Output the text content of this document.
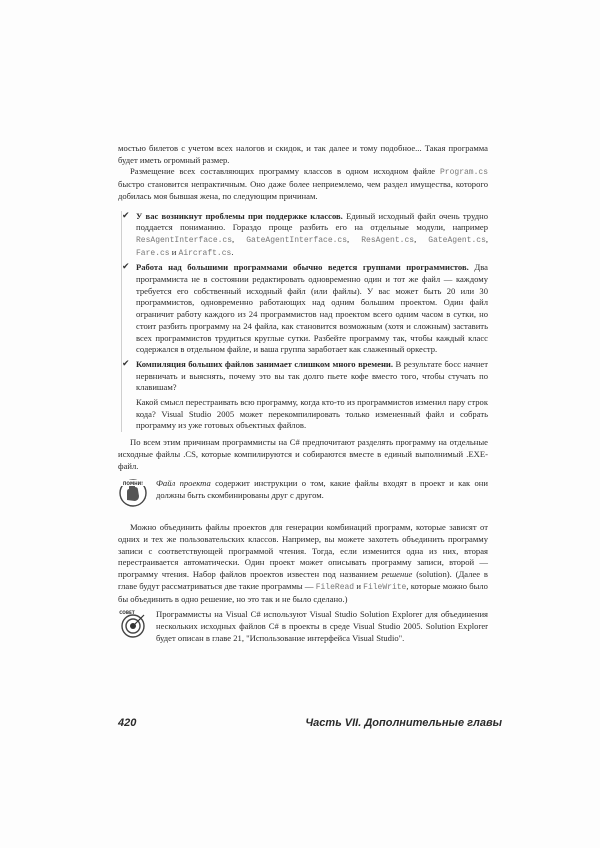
мостью билетов с учетом всех налогов и скидок, и так далее и тому подобное... Такая программа будет иметь огромный размер.

Размещение всех составляющих программу классов в одном исходном файле Program.cs быстро становится непрактичным. Оно даже более неприемлемо, чем раздел имущества, которого добилась моя бывшая жена, по следующим причинам.

✔ У вас возникнут проблемы при поддержке классов. Единый исходный файл очень трудно поддается пониманию. Гораздо проще разбить его на отдельные модули, например ResAgentInterface.cs, GateAgentInterface.cs, ResAgent.cs, GateAgent.cs, Fare.cs и Aircraft.cs.
✔ Работа над большими программами обычно ведется группами программистов. Два программиста не в состоянии редактировать одновременно один и тот же файл — каждому требуется его собственный исходный файл (или файлы). У вас может быть 20 или 30 программистов, одновременно работающих над одним большим проектом. Один файл ограничит работу каждого из 24 программистов над проектом всего одним часом в сутки, но стоит разбить программу на 24 файла, как становится возможным (хотя и сложным) заставить всех программистов трудиться круглые сутки. Разбейте программу так, чтобы каждый класс содержался в отдельном файле, и ваша группа заработает как слаженный оркестр.
✔ Компиляция больших файлов занимает слишком много времени. В результате босс начнет нервничать и выяснять, почему это вы так долго пьете кофе вместо того, чтобы стучать по клавишам?

Какой смысл перестраивать всю программу, когда кто-то из программистов изменил пару строк кода? Visual Studio 2005 может перекомпилировать только измененный файл и собрать программу из уже готовых объектных файлов.

По всем этим причинам программисты на C# предпочитают разделять программу на отдельные исходные файлы .CS, которые компилируются и собираются вместе в единый выполнимый .EXE-файл.

ПОМНИ! Файл проекта содержит инструкции о том, какие файлы входят в проект и как они должны быть скомбинированы друг с другом.

Можно объединить файлы проектов для генерации комбинаций программ, которые зависят от одних и тех же пользовательских классов. Например, вы можете захотеть объединить программу записи с соответствующей программой чтения. Тогда, если изменится одна из них, вторая перестраивается автоматически. Один проект может описывать программу записи, второй — программу чтения. Набор файлов проектов известен под названием решение (solution). (Далее в главе будут рассматриваться две такие программы — FileRead и FileWrite, которые можно было бы объединить в одно решение, но это так и не было сделано.)

СОВЕТ Программисты на Visual C# используют Visual Studio Solution Explorer для объединения нескольких исходных файлов C# в проекты в среде Visual Studio 2005. Solution Explorer будет описан в главе 21, "Использование интерфейса Visual Studio".
420	Часть VII. Дополнительные главы
